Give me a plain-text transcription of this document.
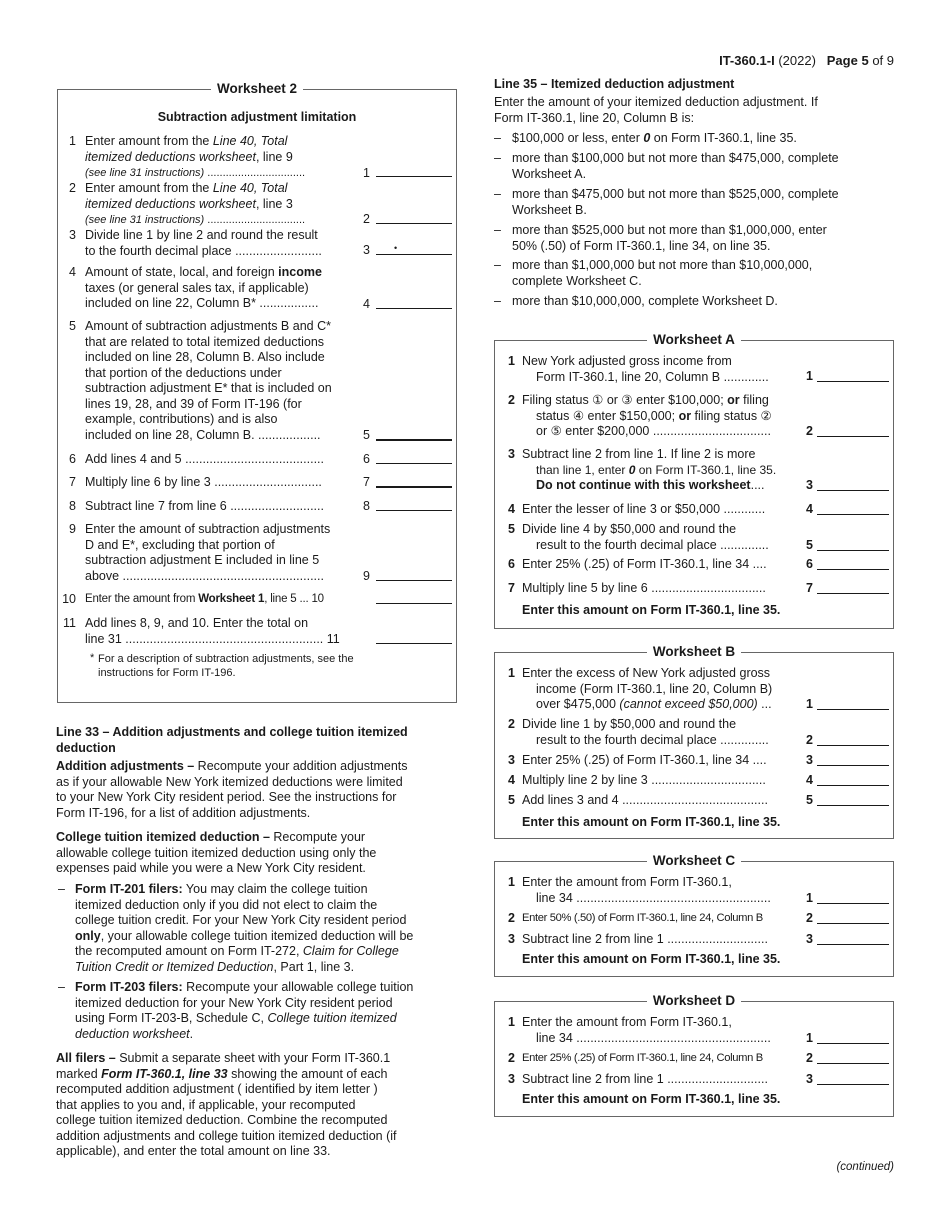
IT-360.1-I (2022) Page 5 of 9
Worksheet 2
Subtraction adjustment limitation
1 Enter amount from the Line 40, Total
itemized deductions worksheet, line 9
(see line 31 instructions) ................................	1
2 Enter amount from the Line 40, Total
itemized deductions worksheet, line 3
(see line 31 instructions) ................................	2
3 Divide line 1 by line 2 and round the result
to the fourth decimal place .........................	3	•
4 Amount of state, local, and foreign income
taxes (or general sales tax, if applicable)
included on line 22, Column B* .................	4
5 Amount of subtraction adjustments B and C*
that are related to total itemized deductions
included on line 28, Column B. Also include
that portion of the deductions under
subtraction adjustment E* that is included on
lines 19, 28, and 39 of Form IT-196 (for
example, contributions) and is also
included on line 28, Column B. ..................	5
6 Add lines 4 and 5 ........................................	6
7 Multiply line 6 by line 3 ...............................	7
8 Subtract line 7 from line 6 ...........................	8
9 Enter the amount of subtraction adjustments
D and E*, excluding that portion of
subtraction adjustment E included in line 5
above ..........................................................	9
10 Enter the amount from Worksheet 1, line 5 ... 10
11 Add lines 8, 9, and 10. Enter the total on
line 31 ......................................................... 11
* For a description of subtraction adjustments, see the
instructions for Form IT-196.
Line 33 – Addition adjustments and college tuition itemized
deduction
Addition adjustments – Recompute your addition adjustments
as if your allowable New York itemized deductions were limited
to your New York City resident period. See the instructions for
Form IT-196, for a list of addition adjustments.
College tuition itemized deduction – Recompute your
allowable college tuition itemized deduction using only the
expenses paid while you were a New York City resident.
– Form IT-201 filers: You may claim the college tuition
itemized deduction only if you did not elect to claim the
college tuition credit. For your New York City resident period
only, your allowable college tuition itemized deduction will be
the recomputed amount on Form IT-272, Claim for College
Tuition Credit or Itemized Deduction, Part 1, line 3.
– Form IT-203 filers: Recompute your allowable college tuition
itemized deduction for your New York City resident period
using Form IT-203-B, Schedule C, College tuition itemized
deduction worksheet.
All filers – Submit a separate sheet with your Form IT-360.1
marked Form IT-360.1, line 33 showing the amount of each
recomputed addition adjustment ( identified by item letter )
that applies to you and, if applicable, your recomputed
college tuition itemized deduction. Combine the recomputed
addition adjustments and college tuition itemized deduction (if
applicable), and enter the total amount on line 33.
Line 35 – Itemized deduction adjustment
Enter the amount of your itemized deduction adjustment. If
Form IT-360.1, line 20, Column B is:
– $100,000 or less, enter 0 on Form IT-360.1, line 35.
– more than $100,000 but not more than $475,000, complete
Worksheet A.
– more than $475,000 but not more than $525,000, complete
Worksheet B.
– more than $525,000 but not more than $1,000,000, enter
50% (.50) of Form IT-360.1, line 34, on line 35.
– more than $1,000,000 but not more than $10,000,000,
complete Worksheet C.
– more than $10,000,000, complete Worksheet D.
Worksheet A
1 New York adjusted gross income from
Form IT-360.1, line 20, Column B .............	1
2 Filing status ① or ③ enter $100,000; or filing
status ④ enter $150,000; or filing status ②
or ⑤ enter $200,000 ..................................	2
3 Subtract line 2 from line 1. If line 2 is more
than line 1, enter 0 on Form IT-360.1, line 35.
Do not continue with this worksheet....	3
4 Enter the lesser of line 3 or $50,000 ............	4
5 Divide line 4 by $50,000 and round the
result to the fourth decimal place ..............	5
6 Enter 25% (.25) of Form IT-360.1, line 34 ....	6
7 Multiply line 5 by line 6 .................................	7
Enter this amount on Form IT-360.1, line 35.
Worksheet B
1 Enter the excess of New York adjusted gross
income (Form IT-360.1, line 20, Column B)
over $475,000 (cannot exceed $50,000) ...	1
2 Divide line 1 by $50,000 and round the
result to the fourth decimal place ..............	2
3 Enter 25% (.25) of Form IT-360.1, line 34 ....	3
4 Multiply line 2 by line 3 .................................	4
5 Add lines 3 and 4 ..........................................	5
Enter this amount on Form IT-360.1, line 35.
Worksheet C
1 Enter the amount from Form IT-360.1,
line 34 ........................................................	1
2 Enter 50% (.50) of Form IT-360.1, line 24, Column B	2
3 Subtract line 2 from line 1 .............................	3
Enter this amount on Form IT-360.1, line 35.
Worksheet D
1 Enter the amount from Form IT-360.1,
line 34 ........................................................	1
2 Enter 25% (.25) of Form IT-360.1, line 24, Column B	2
3 Subtract line 2 from line 1 .............................	3
Enter this amount on Form IT-360.1, line 35.
(continued)
